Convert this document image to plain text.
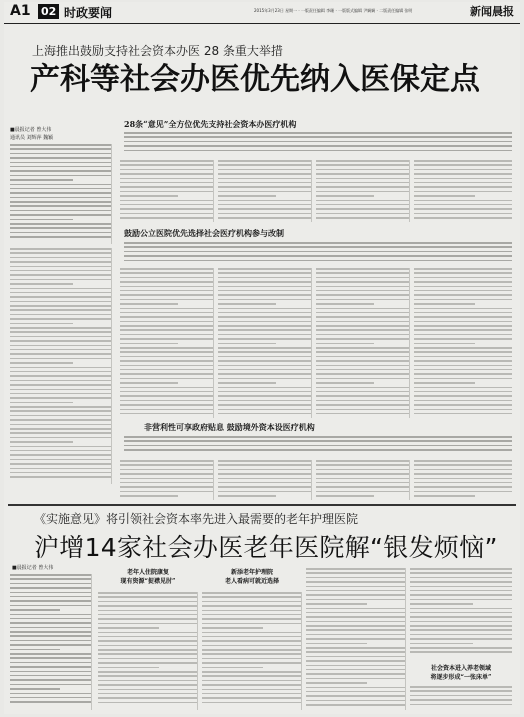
A1 02 时政要闻	2015年3月23日 星期一 · 一版责任编辑 李珊 · 一版版式编辑 尹娴娴 · 二版责任编辑 张明	新闻晨报
上海推出鼓励支持社会资本办医 28 条重大举措
产科等社会办医优先纳入医保定点
■晨报记者 曾大伟
通讯员 刘辉萍 魏颖
28条“意见”全方位优先支持社会资本办医疗机构
鼓励公立医院优先选择社会医疗机构参与改制
非营利性可享政府贴息 鼓励境外资本设医疗机构
《实施意见》将引领社会资本率先进入最需要的老年护理医院
沪增14家社会办医老年医院解“银发烦恼”
■晨报记者 曾大伟
老年人住院康复
现有资源“捉襟见肘”
新添老年护理院
老人看病可就近选择
社会资本进入养老领域
将逐步形成“一张床单”
